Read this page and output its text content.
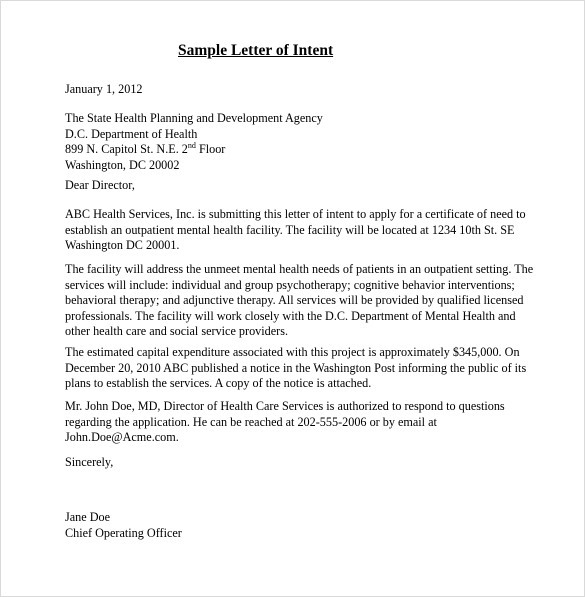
Sample Letter of Intent
January 1, 2012
The State Health Planning and Development Agency
D.C. Department of Health
899 N. Capitol St. N.E. 2nd Floor
Washington, DC 20002
Dear Director,
ABC Health Services, Inc. is submitting this letter of intent to apply for a certificate of need to
establish an outpatient mental health facility. The facility will be located at 1234 10th St. SE
Washington DC 20001.
The facility will address the unmeet mental health needs of patients in an outpatient setting. The
services will include: individual and group psychotherapy; cognitive behavior interventions;
behavioral therapy; and adjunctive therapy. All services will be provided by qualified licensed
professionals. The facility will work closely with the D.C. Department of Mental Health and
other health care and social service providers.
The estimated capital expenditure associated with this project is approximately $345,000. On
December 20, 2010 ABC published a notice in the Washington Post informing the public of its
plans to establish the services. A copy of the notice is attached.
Mr. John Doe, MD, Director of Health Care Services is authorized to respond to questions
regarding the application. He can be reached at 202-555-2006 or by email at
John.Doe@Acme.com.
Sincerely,
Jane Doe
Chief Operating Officer
